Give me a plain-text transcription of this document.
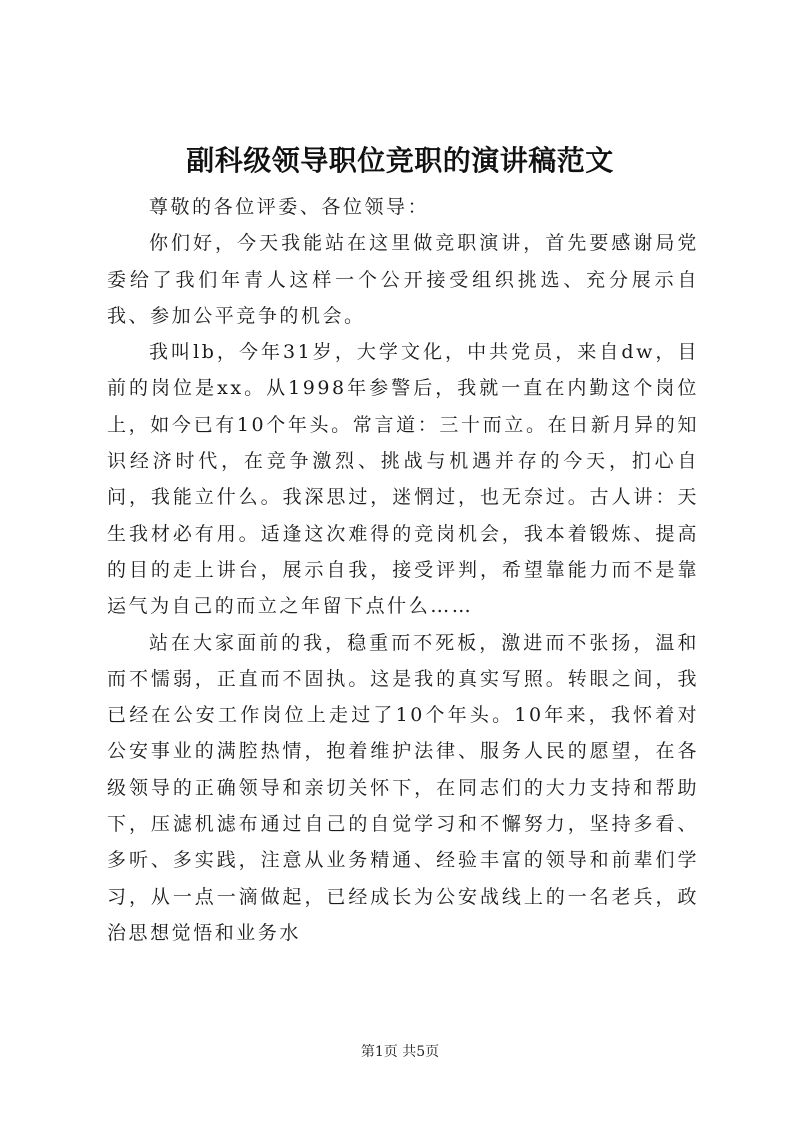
副科级领导职位竞职的演讲稿范文

尊敬的各位评委、各位领导：

你们好，今天我能站在这里做竞职演讲，首先要感谢局党委给了我们年青人这样一个公开接受组织挑选、充分展示自我、参加公平竞争的机会。

我叫lb，今年31岁，大学文化，中共党员，来自dw，目前的岗位是xx。从1998年参警后，我就一直在内勤这个岗位上，如今已有10个年头。常言道：三十而立。在日新月异的知识经济时代，在竞争激烈、挑战与机遇并存的今天，扪心自问，我能立什么。我深思过，迷惘过，也无奈过。古人讲：天生我材必有用。适逢这次难得的竞岗机会，我本着锻炼、提高的目的走上讲台，展示自我，接受评判，希望靠能力而不是靠运气为自己的而立之年留下点什么……

站在大家面前的我，稳重而不死板，激进而不张扬，温和而不懦弱，正直而不固执。这是我的真实写照。转眼之间，我已经在公安工作岗位上走过了10个年头。10年来，我怀着对公安事业的满腔热情，抱着维护法律、服务人民的愿望，在各级领导的正确领导和亲切关怀下，在同志们的大力支持和帮助下，压滤机滤布通过自己的自觉学习和不懈努力，坚持多看、多听、多实践，注意从业务精通、经验丰富的领导和前辈们学习，从一点一滴做起，已经成长为公安战线上的一名老兵，政治思想觉悟和业务水

第1页 共5页
